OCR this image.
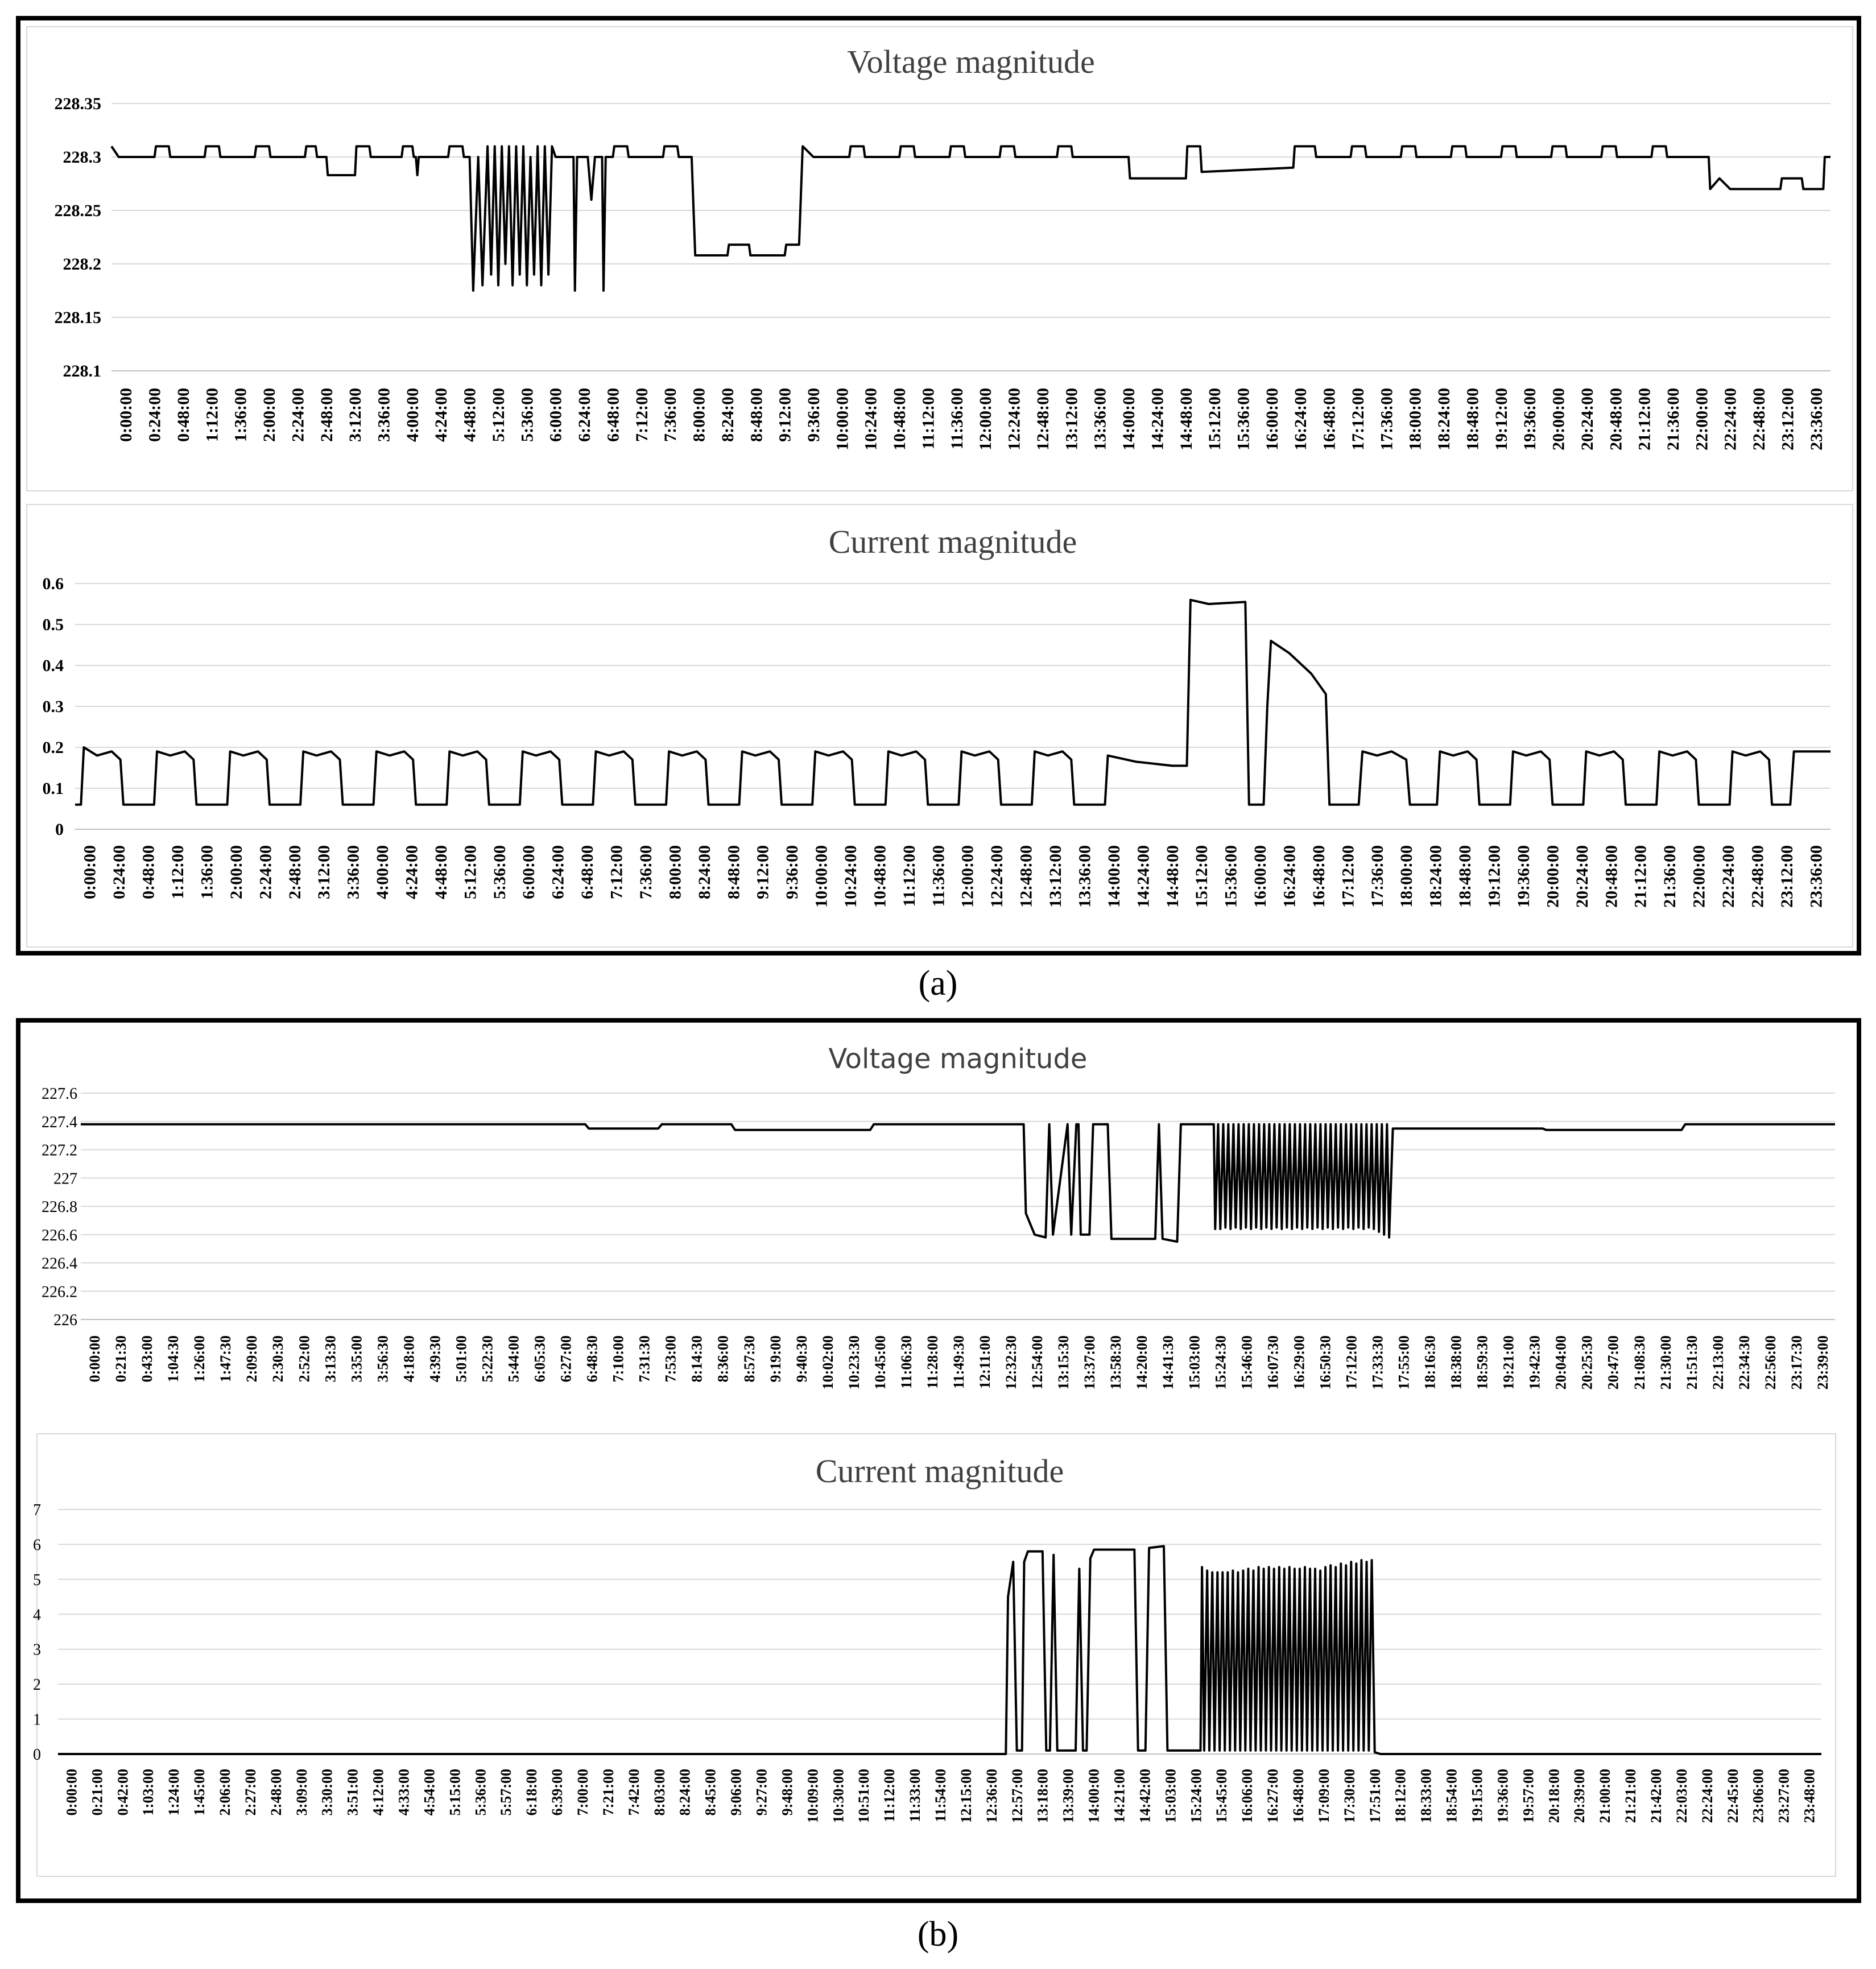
(a)
(b)
Voltage magnitude
228.35
228.3
228.25
228.2
228.15
228.1
0:00:00 0:24:00 0:48:00 1:12:00 1:36:00 2:00:00 2:24:00 2:48:00 3:12:00 3:36:00 4:00:00 4:24:00 4:48:00 5:12:00 5:36:00 6:00:00 6:24:00 6:48:00 7:12:00 7:36:00 8:00:00 8:24:00 8:48:00 9:12:00 9:36:00 10:00:00 10:24:00 10:48:00 11:12:00 11:36:00 12:00:00 12:24:00 12:48:00 13:12:00 13:36:00 14:00:00 14:24:00 14:48:00 15:12:00 15:36:00 16:00:00 16:24:00 16:48:00 17:12:00 17:36:00 18:00:00 18:24:00 18:48:00 19:12:00 19:36:00 20:00:00 20:24:00 20:48:00 21:12:00 21:36:00 22:00:00 22:24:00 22:48:00 23:12:00 23:36:00
Current magnitude
0.6
0.5
0.4
0.3
0.2
0.1
0
0:00:00 0:24:00 0:48:00 1:12:00 1:36:00 2:00:00 2:24:00 2:48:00 3:12:00 3:36:00 4:00:00 4:24:00 4:48:00 5:12:00 5:36:00 6:00:00 6:24:00 6:48:00 7:12:00 7:36:00 8:00:00 8:24:00 8:48:00 9:12:00 9:36:00 10:00:00 10:24:00 10:48:00 11:12:00 11:36:00 12:00:00 12:24:00 12:48:00 13:12:00 13:36:00 14:00:00 14:24:00 14:48:00 15:12:00 15:36:00 16:00:00 16:24:00 16:48:00 17:12:00 17:36:00 18:00:00 18:24:00 18:48:00 19:12:00 19:36:00 20:00:00 20:24:00 20:48:00 21:12:00 21:36:00 22:00:00 22:24:00 22:48:00 23:12:00 23:36:00
Voltage magnitude
227.6
227.4
227.2
227
226.8
226.6
226.4
226.2
226
0:00:00 0:21:30 0:43:00 1:04:30 1:26:00 1:47:30 2:09:00 2:30:30 2:52:00 3:13:30 3:35:00 3:56:30 4:18:00 4:39:30 5:01:00 5:22:30 5:44:00 6:05:30 6:27:00 6:48:30 7:10:00 7:31:30 7:53:00 8:14:30 8:36:00 8:57:30 9:19:00 9:40:30 10:02:00 10:23:30 10:45:00 11:06:30 11:28:00 11:49:30 12:11:00 12:32:30 12:54:00 13:15:30 13:37:00 13:58:30 14:20:00 14:41:30 15:03:00 15:24:30 15:46:00 16:07:30 16:29:00 16:50:30 17:12:00 17:33:30 17:55:00 18:16:30 18:38:00 18:59:30 19:21:00 19:42:30 20:04:00 20:25:30 20:47:00 21:08:30 21:30:00 21:51:30 22:13:00 22:34:30 22:56:00 23:17:30 23:39:00
Current magnitude
7
6
5
4
3
2
1
0
0:00:00 0:21:00 0:42:00 1:03:00 1:24:00 1:45:00 2:06:00 2:27:00 2:48:00 3:09:00 3:30:00 3:51:00 4:12:00 4:33:00 4:54:00 5:15:00 5:36:00 5:57:00 6:18:00 6:39:00 7:00:00 7:21:00 7:42:00 8:03:00 8:24:00 8:45:00 9:06:00 9:27:00 9:48:00 10:09:00 10:30:00 10:51:00 11:12:00 11:33:00 11:54:00 12:15:00 12:36:00 12:57:00 13:18:00 13:39:00 14:00:00 14:21:00 14:42:00 15:03:00 15:24:00 15:45:00 16:06:00 16:27:00 16:48:00 17:09:00 17:30:00 17:51:00 18:12:00 18:33:00 18:54:00 19:15:00 19:36:00 19:57:00 20:18:00 20:39:00 21:00:00 21:21:00 21:42:00 22:03:00 22:24:00 22:45:00 23:06:00 23:27:00 23:48:00
